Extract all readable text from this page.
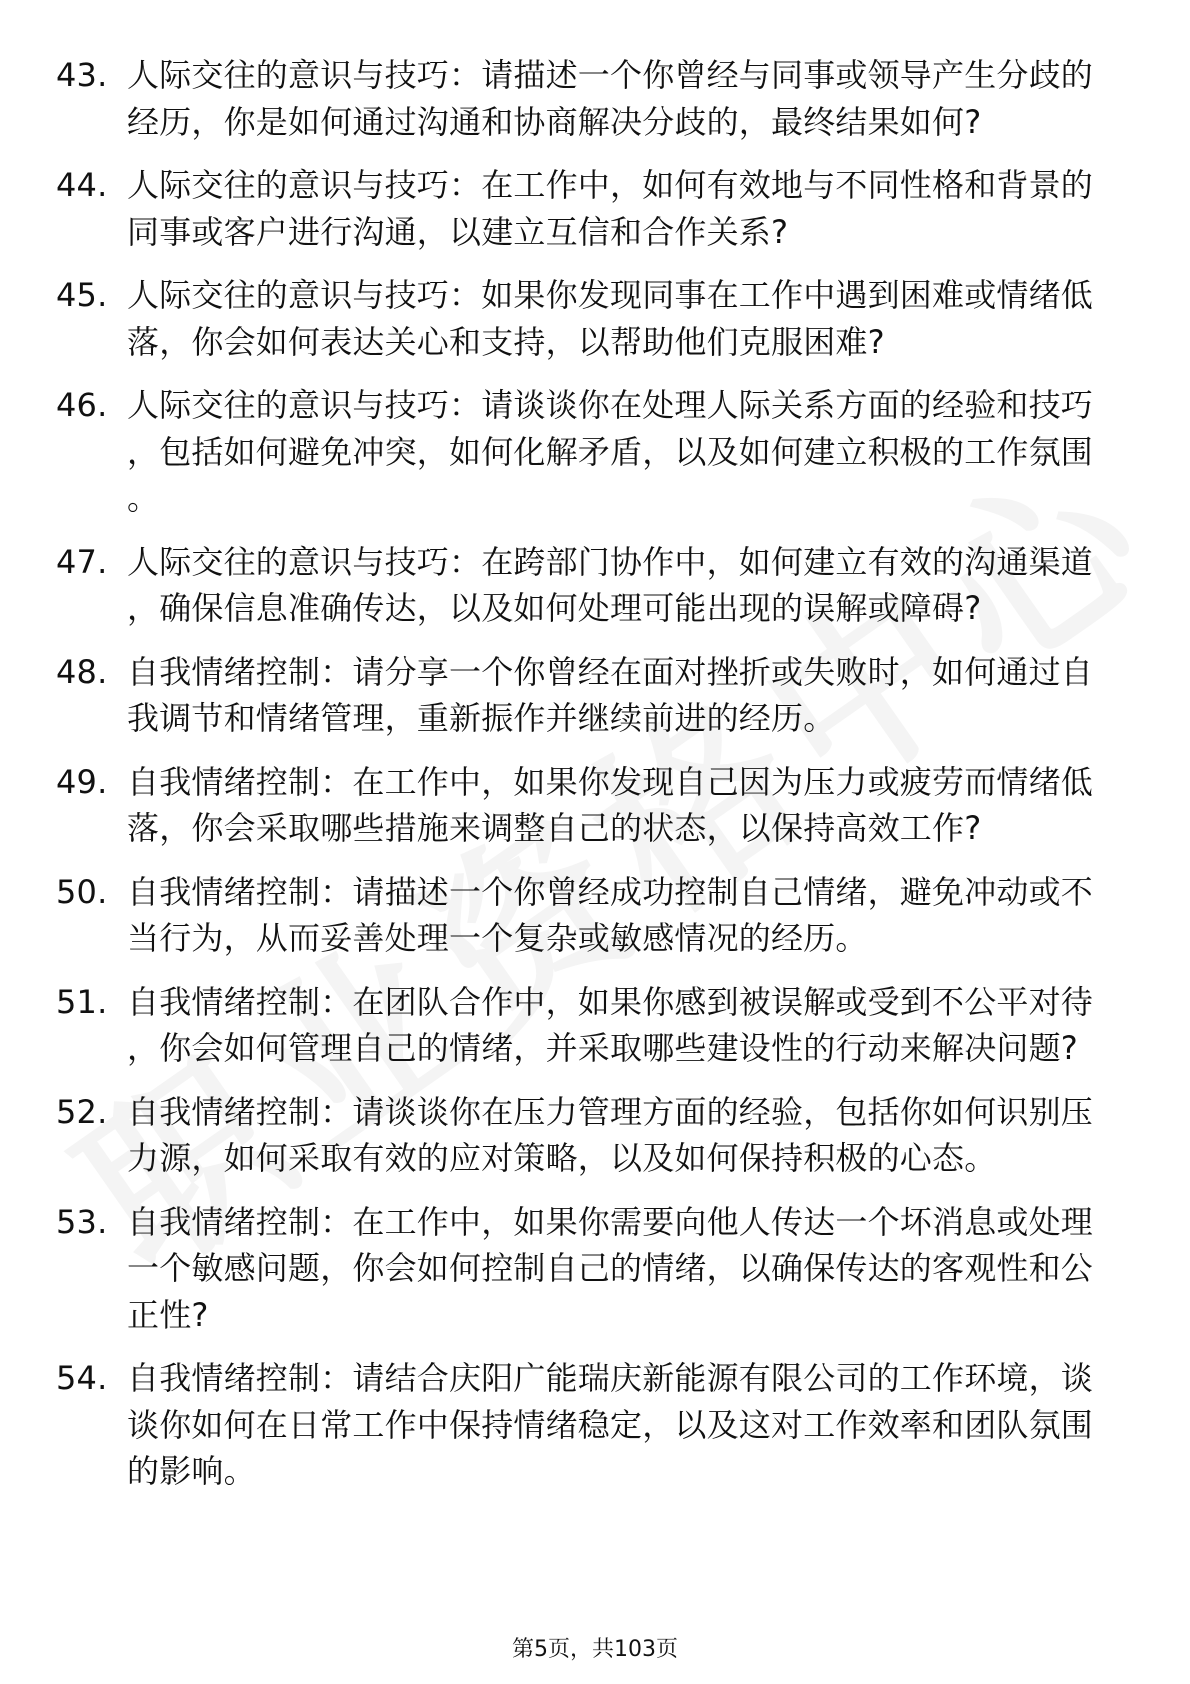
43. 人际交往的意识与技巧：请描述一个你曾经与同事或领导产生分歧的经历，你是如何通过沟通和协商解决分歧的，最终结果如何?
44. 人际交往的意识与技巧：在工作中，如何有效地与不同性格和背景的同事或客户进行沟通，以建立互信和合作关系?
45. 人际交往的意识与技巧：如果你发现同事在工作中遇到困难或情绪低落，你会如何表达关心和支持，以帮助他们克服困难?
46. 人际交往的意识与技巧：请谈谈你在处理人际关系方面的经验和技巧，包括如何避免冲突，如何化解矛盾，以及如何建立积极的工作氛围。
47. 人际交往的意识与技巧：在跨部门协作中，如何建立有效的沟通渠道，确保信息准确传达，以及如何处理可能出现的误解或障碍?
48. 自我情绪控制：请分享一个你曾经在面对挫折或失败时，如何通过自我调节和情绪管理，重新振作并继续前进的经历。
49. 自我情绪控制：在工作中，如果你发现自己因为压力或疲劳而情绪低落，你会采取哪些措施来调整自己的状态，以保持高效工作?
50. 自我情绪控制：请描述一个你曾经成功控制自己情绪，避免冲动或不当行为，从而妥善处理一个复杂或敏感情况的经历。
51. 自我情绪控制：在团队合作中，如果你感到被误解或受到不公平对待，你会如何管理自己的情绪，并采取哪些建设性的行动来解决问题?
52. 自我情绪控制：请谈谈你在压力管理方面的经验，包括你如何识别压力源，如何采取有效的应对策略，以及如何保持积极的心态。
53. 自我情绪控制：在工作中，如果你需要向他人传达一个坏消息或处理一个敏感问题，你会如何控制自己的情绪，以确保传达的客观性和公正性?
54. 自我情绪控制：请结合庆阳广能瑞庆新能源有限公司的工作环境，谈谈你如何在日常工作中保持情绪稳定，以及这对工作效率和团队氛围的影响。
第5页，共103页
